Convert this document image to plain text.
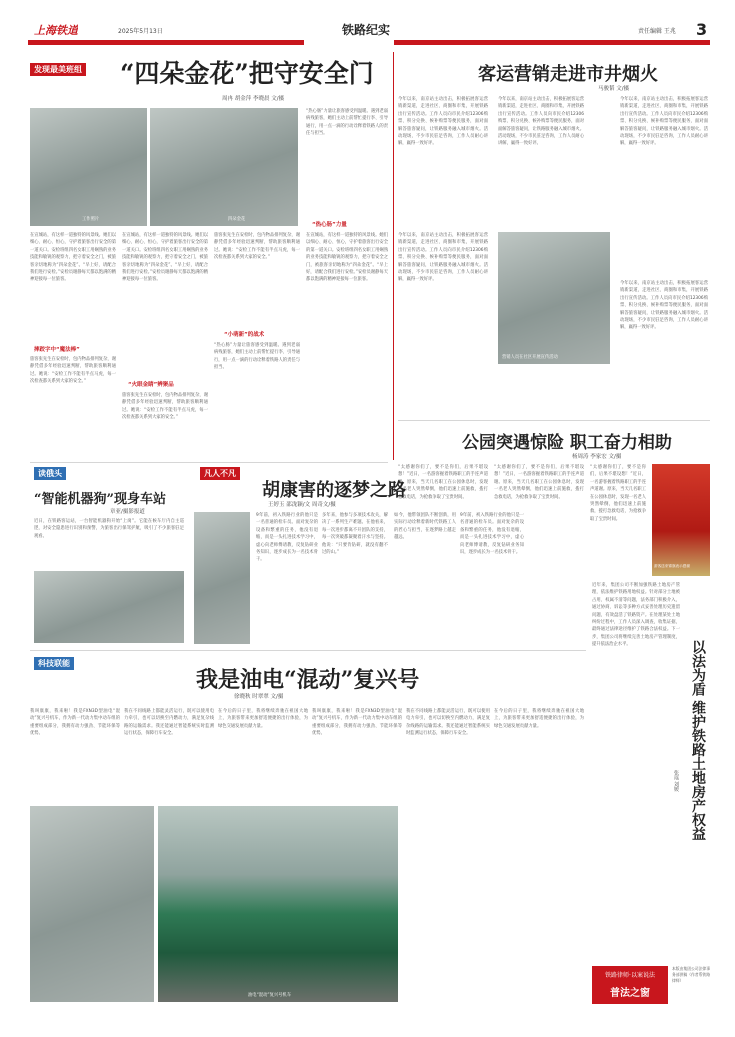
上海铁道	2025年5月13日	铁路纪实	责任编辑 王兆 3
发现最美班组 “四朵金花”把守安全门
周冉 胡金萍 李晓晨 文/摄
工作照片	四朵金花
在宣城站，有这样一道独特的风景线。她们以细心、耐心、恒心，守护着旅客出行安全的第一道关口。安检班组四名女职工用娴熟的业务技能和敏锐的观察力，把守着安全之门，被旅客亲切地称为“四朵金花”。“早上好，请配合我们进行安检。”安检员谢静每天都以饱满的精神迎接每一位旅客。
摔跤字中“魔法棒”
旅客张先生在安检时，包内物品排列复杂，谢静凭借多年经验迅速判断，帮助旅客顺利通过。她说：“安检工作不能有半点马虎，每一次检查都关系到大家的安全。”
在宣城站，有这样一道独特的风景线。她们以细心、耐心、恒心，守护着旅客出行安全的第一道关口。安检班组四名女职工用娴熟的业务技能和敏锐的观察力，把守着安全之门，被旅客亲切地称为“四朵金花”。“早上好，请配合我们进行安检。”安检员谢静每天都以饱满的精神迎接每一位旅客。
“火眼金睛”辨聚品
旅客张先生在安检时，包内物品排列复杂，谢静凭借多年经验迅速判断，帮助旅客顺利通过。她说：“安检工作不能有半点马虎，每一次检查都关系到大家的安全。”
旅客张先生在安检时，包内物品排列复杂，谢静凭借多年经验迅速判断，帮助旅客顺利通过。她说：“安检工作不能有半点马虎，每一次检查都关系到大家的安全。”
“小萌新”的战术
“热心肠”力量让旅客感受到温暖。遇到老弱病残旅客，她们主动上前帮忙提行李、引导通行，用一点一滴的行动诠释着铁路人的责任与担当。
“热心肠”力量让旅客感受到温暖。遇到老弱病残旅客，她们主动上前帮忙提行李、引导通行，用一点一滴的行动诠释着铁路人的责任与担当。
“热心肠”力量
在宣城站，有这样一道独特的风景线。她们以细心、耐心、恒心，守护着旅客出行安全的第一道关口。安检班组四名女职工用娴熟的业务技能和敏锐的观察力，把守着安全之门，被旅客亲切地称为“四朵金花”。“早上好，请配合我们进行安检。”安检员谢静每天都以饱满的精神迎接每一位旅客。
客运营销走进市井烟火
马骏韬 文/摄
今年以来，南京站主动出击，积极拓展客运营销新渠道，走进社区、商圈和市集，开展铁路出行宣传活动。工作人员向市民介绍12306购票、积分兑换、候补购票等便民服务，面对面解答旅客疑问，让铁路服务融入城市烟火。活动现场，不少市民驻足咨询，工作人员耐心讲解，赢得一致好评。
今年以来，南京站主动出击，积极拓展客运营销新渠道，走进社区、商圈和市集，开展铁路出行宣传活动。工作人员向市民介绍12306购票、积分兑换、候补购票等便民服务，面对面解答旅客疑问，让铁路服务融入城市烟火。活动现场，不少市民驻足咨询，工作人员耐心讲解，赢得一致好评。
今年以来，南京站主动出击，积极拓展客运营销新渠道，走进社区、商圈和市集，开展铁路出行宣传活动。工作人员向市民介绍12306购票、积分兑换、候补购票等便民服务，面对面解答旅客疑问，让铁路服务融入城市烟火。活动现场，不少市民驻足咨询，工作人员耐心讲解，赢得一致好评。
今年以来，南京站主动出击，积极拓展客运营销新渠道，走进社区、商圈和市集，开展铁路出行宣传活动。工作人员向市民介绍12306购票、积分兑换、候补购票等便民服务，面对面解答旅客疑问，让铁路服务融入城市烟火。活动现场，不少市民驻足咨询，工作人员耐心讲解，赢得一致好评。
营销人员在社区开展宣传活动
今年以来，南京站主动出击，积极拓展客运营销新渠道，走进社区、商圈和市集，开展铁路出行宣传活动。工作人员向市民介绍12306购票、积分兑换、候补购票等便民服务，面对面解答旅客疑问，让铁路服务融入城市烟火。活动现场，不少市民驻足咨询，工作人员耐心讲解，赢得一致好评。
公园突遇惊险 职工奋力相助
杨周涛 李家宏 文/摄
“太感谢你们了，要不是你们，后果不堪设想！”近日，一名游客握着铁路职工的手连声道谢。原来，当天几名职工在公园休息时，发现一名老人突然晕倒，他们迅速上前施救，拨打急救电话，为抢救争取了宝贵时间。
“太感谢你们了，要不是你们，后果不堪设想！”近日，一名游客握着铁路职工的手连声道谢。原来，当天几名职工在公园休息时，发现一名老人突然晕倒，他们迅速上前施救，拨打急救电话，为抢救争取了宝贵时间。
“太感谢你们了，要不是你们，后果不堪设想！”近日，一名游客握着铁路职工的手连声道谢。原来，当天几名职工在公园休息时，发现一名老人突然晕倒，他们迅速上前施救，拨打急救电话，为抢救争取了宝贵时间。
游客送来锦旗表示感谢
读俄头
“智能机器狗”现身车站
章亚/摄影报道
近日，在铁路客运站，一台智能机器狗开始“上岗”。它能在候车厅内自主巡逻，对安全隐患进行识别和预警，为旅客出行保驾护航，吸引了不少旅客驻足观看。
凡人不凡
胡康害的逐梦之路
王婷玉 邵泷颖/文 周奇文/摄
9年前，初入铁路行业的他只是一名普通的检车员。面对复杂的设备和繁重的任务，他没有退缩，而是一头扎进技术学习中，虚心向老师傅请教，反复钻研业务知识，逐步成长为一名技术骨干。
多年来，他参与多项技术攻关，解决了一系列生产难题。在他看来，每一次进步都离不开团队的支持，每一次突破都凝聚着汗水与坚持。他说：“只要肯钻研，就没有翻不过的山。”
如今，他带领团队不断创新，用实际行动诠释着新时代铁路工人的匠心与担当，在逐梦路上越走越远。
9年前，初入铁路行业的他只是一名普通的检车员。面对复杂的设备和繁重的任务，他没有退缩，而是一头扎进技术学习中，虚心向老师傅请教，反复钻研业务知识，逐步成长为一名技术骨干。
科技联能
我是油电“混动”复兴号
徐晓秋 时翠翠 文/摄
我叫康康，我来啦！我是FXN3D型油电“混动”复兴号机车，作为新一代动力集中动车组的重要组成部分，我拥有动力强劲、节能环保等优势。
我在不同线路上都能灵活运行，既可以使用电力牵引，也可以切换至内燃动力，满足复杂线路的运输需求。我还能通过智能系统实时监测运行状态，保障行车安全。
在今后的日子里，我将继续奔驰在祖国大地上，为旅客带来更加舒适便捷的出行体验，为绿色交通发展贡献力量。
我叫康康，我来啦！我是FXN3D型油电“混动”复兴号机车，作为新一代动力集中动车组的重要组成部分，我拥有动力强劲、节能环保等优势。
我在不同线路上都能灵活运行，既可以使用电力牵引，也可以切换至内燃动力，满足复杂线路的运输需求。我还能通过智能系统实时监测运行状态，保障行车安全。
在今后的日子里，我将继续奔驰在祖国大地上，为旅客带来更加舒适便捷的出行体验，为绿色交通发展贡献力量。
油电“混动”复兴号机车
近年来，集团公司不断加强铁路土地房产管理，依法维护铁路用地权益。针对部分土地被占用、权属不清等问题，法务部门积极介入，通过协商、诉讼等多种方式妥善处理历史遗留问题，有效盘活了铁路资产。在处理某处土地纠纷过程中，工作人员深入调查，收集证据，最终通过法律途径维护了铁路合法权益。下一步，集团公司将继续完善土地房产管理制度，提升依法治企水平。	以法为盾 维护铁路土地房产权益
张瑶 刘媛
铁路律师·以案说法
普法之窗
本版由集团公司法律事务部供稿（作者系铁路律师）
